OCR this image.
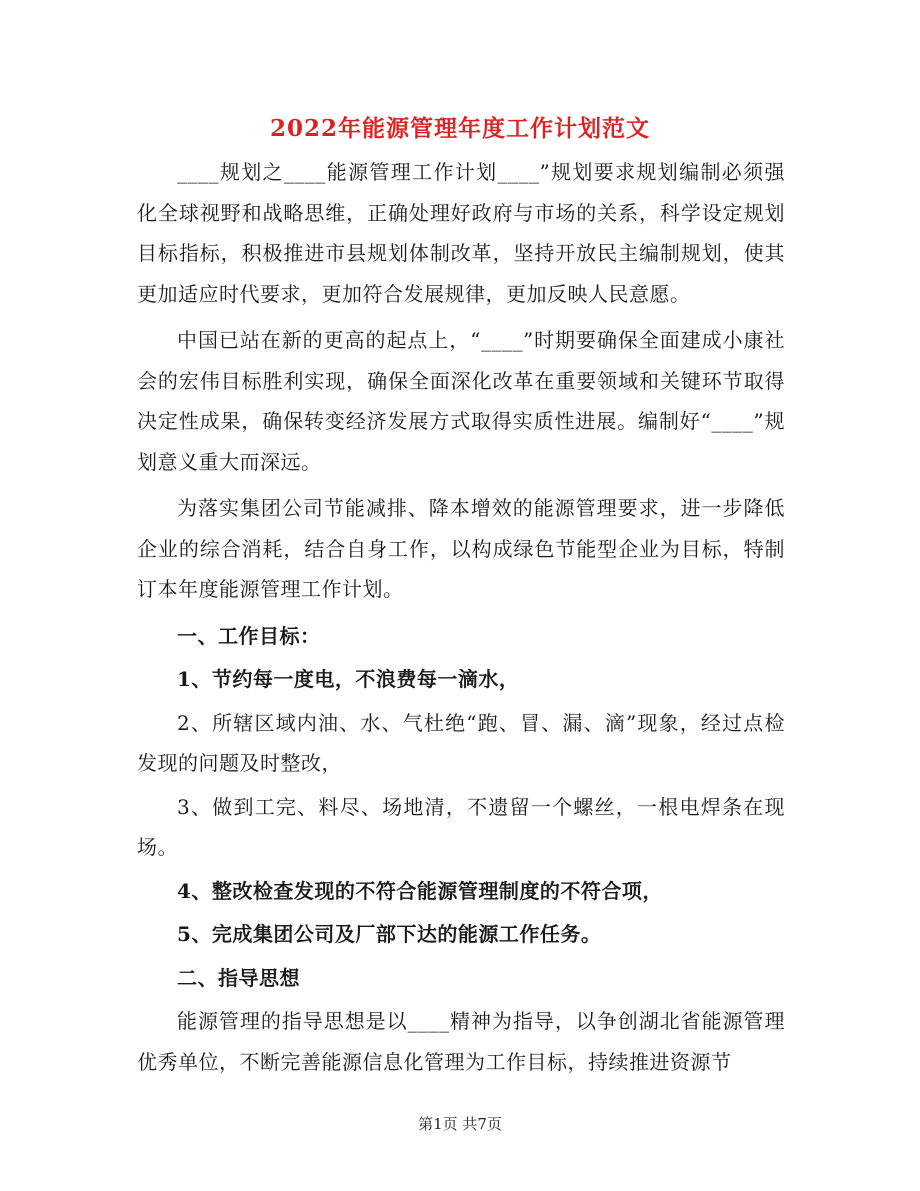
2022年能源管理年度工作计划范文

____规划之____能源管理工作计划____”规划要求规划编制必须强化全球视野和战略思维，正确处理好政府与市场的关系，科学设定规划目标指标，积极推进市县规划体制改革，坚持开放民主编制规划，使其更加适应时代要求，更加符合发展规律，更加反映人民意愿。

中国已站在新的更高的起点上，“____”时期要确保全面建成小康社会的宏伟目标胜利实现，确保全面深化改革在重要领域和关键环节取得决定性成果，确保转变经济发展方式取得实质性进展。编制好“____”规划意义重大而深远。

为落实集团公司节能减排、降本增效的能源管理要求，进一步降低企业的综合消耗，结合自身工作，以构成绿色节能型企业为目标，特制订本年度能源管理工作计划。

一、工作目标：

1、节约每一度电，不浪费每一滴水，

2、所辖区域内油、水、气杜绝“跑、冒、漏、滴”现象，经过点检发现的问题及时整改，

3、做到工完、料尽、场地清，不遗留一个螺丝，一根电焊条在现场。

4、整改检查发现的不符合能源管理制度的不符合项，

5、完成集团公司及厂部下达的能源工作任务。

二、指导思想

能源管理的指导思想是以____精神为指导，以争创湖北省能源管理优秀单位，不断完善能源信息化管理为工作目标，持续推进资源节

第1页 共7页
